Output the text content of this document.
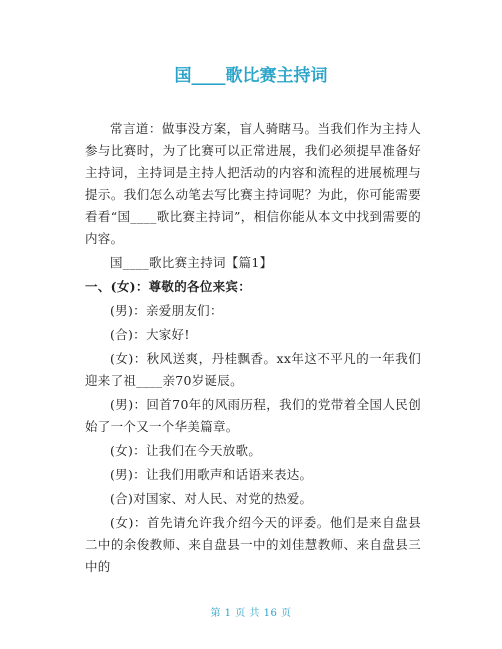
国____歌比赛主持词

常言道：做事没方案，盲人骑瞎马。当我们作为主持人参与比赛时，为了比赛可以正常进展，我们必须提早准备好主持词，主持词是主持人把活动的内容和流程的进展梳理与提示。我们怎么动笔去写比赛主持词呢？为此，你可能需要看看“国____歌比赛主持词”，相信你能从本文中找到需要的内容。

国____歌比赛主持词【篇1】

一、(女)：尊敬的各位来宾：

(男)：亲爱朋友们：

(合)：大家好!

(女)：秋风送爽，丹桂飘香。xx年这不平凡的一年我们迎来了祖____亲70岁诞辰。

(男)：回首70年的风雨历程，我们的党带着全国人民创始了一个又一个华美篇章。

(女)：让我们在今天放歌。

(男)：让我们用歌声和话语来表达。

(合)对国家、对人民、对党的热爱。

(女)：首先请允许我介绍今天的评委。他们是来自盘县二中的余俊教师、来自盘县一中的刘佳慧教师、来自盘县三中的

第 1 页 共 16 页
